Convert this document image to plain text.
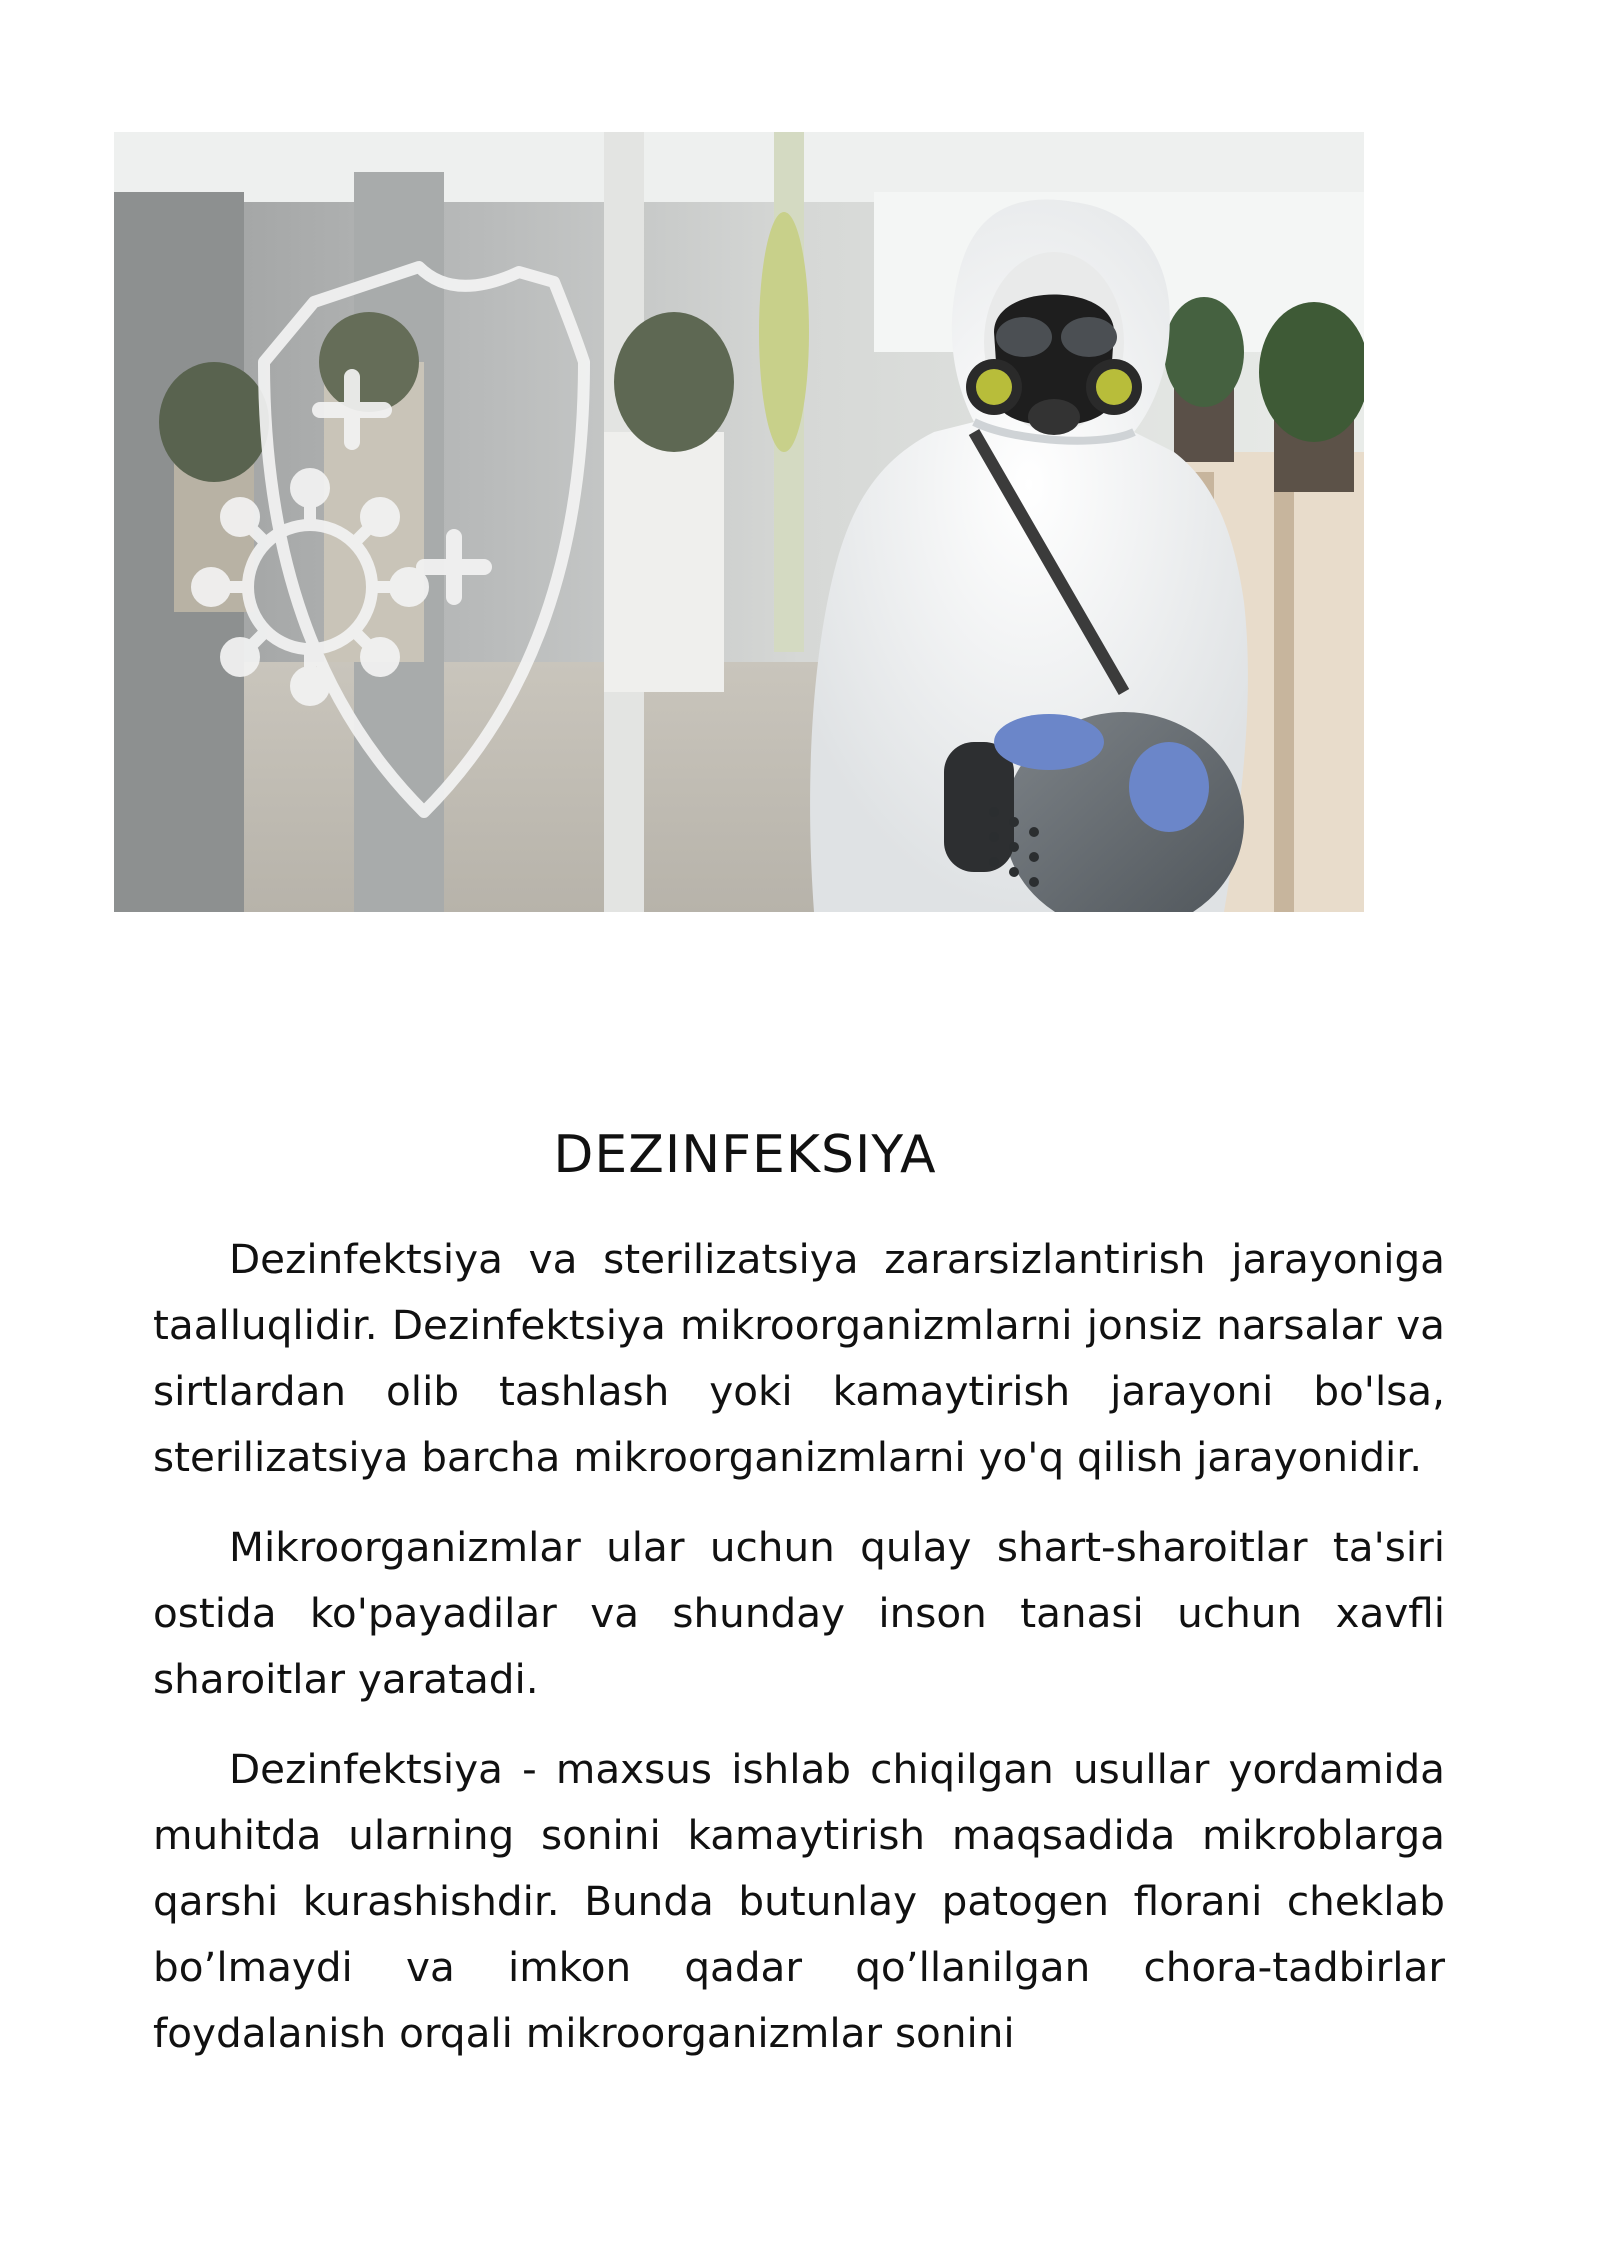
DEZINFEKSIYA

Dezinfektsiya va sterilizatsiya zararsizlantirish jarayoniga taalluqlidir. Dezinfektsiya mikroorganizmlarni jonsiz narsalar va sirtlardan olib tashlash yoki kamaytirish jarayoni bo'lsa, sterilizatsiya barcha mikroorganizmlarni yo'q qilish jarayonidir.

Mikroorganizmlar ular uchun qulay shart-sharoitlar ta'siri ostida ko'payadilar va shunday inson tanasi uchun xavfli sharoitlar yaratadi.

Dezinfektsiya - maxsus ishlab chiqilgan usullar yordamida muhitda ularning sonini kamaytirish maqsadida mikroblarga qarshi kurashishdir. Bunda butunlay patogen florani cheklab bo’lmaydi va imkon qadar qo’llanilgan chora-tadbirlar foydalanish orqali mikroorganizmlar sonini
